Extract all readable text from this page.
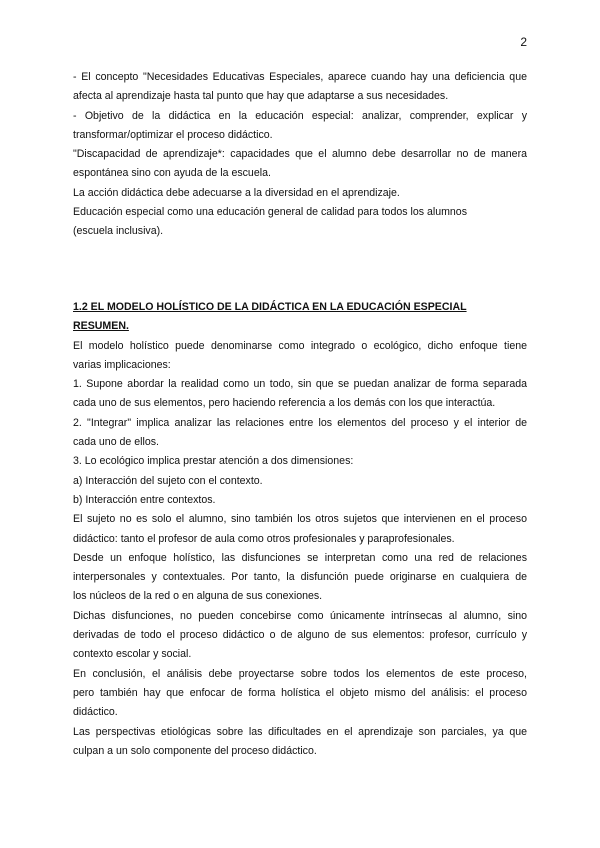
2
- El concepto "Necesidades Educativas Especiales, aparece cuando hay una deficiencia que
afecta al aprendizaje hasta tal punto que hay que adaptarse a sus necesidades.
- Objetivo de la didáctica en la educación especial: analizar, comprender, explicar y
transformar/optimizar el proceso didáctico.
"Discapacidad de aprendizaje*: capacidades que el alumno debe desarrollar no de manera
espontánea sino con ayuda de la escuela.
La acción didáctica debe adecuarse a la diversidad en el aprendizaje.
Educación especial como una educación general de calidad para todos los alumnos
(escuela inclusiva).
1.2 EL MODELO HOLÍSTICO DE LA DIDÁCTICA EN LA EDUCACIÓN ESPECIAL
RESUMEN.
El modelo holístico puede denominarse como integrado o ecológico, dicho enfoque tiene
varias implicaciones:
1. Supone abordar la realidad como un todo, sin que se puedan analizar de forma separada
cada uno de sus elementos, pero haciendo referencia a los demás con los que interactúa.
2. "Integrar" implica analizar las relaciones entre los elementos del proceso y el interior de
cada uno de ellos.
3. Lo ecológico implica prestar atención a dos dimensiones:
a) Interacción del sujeto con el contexto.
b) Interacción entre contextos.
El sujeto no es solo el alumno, sino también los otros sujetos que intervienen en el proceso
didáctico: tanto el profesor de aula como otros profesionales y paraprofesionales.
Desde un enfoque holístico, las disfunciones se interpretan como una red de relaciones
interpersonales y contextuales. Por tanto, la disfunción puede originarse en cualquiera de
los núcleos de la red o en alguna de sus conexiones.
Dichas disfunciones, no pueden concebirse como únicamente intrínsecas al alumno, sino
derivadas de todo el proceso didáctico o de alguno de sus elementos: profesor, currículo y
contexto escolar y social.
En conclusión, el análisis debe proyectarse sobre todos los elementos de este proceso,
pero también hay que enfocar de forma holística el objeto mismo del análisis: el proceso
didáctico.
Las perspectivas etiológicas sobre las dificultades en el aprendizaje son parciales, ya que
culpan a un solo componente del proceso didáctico.
